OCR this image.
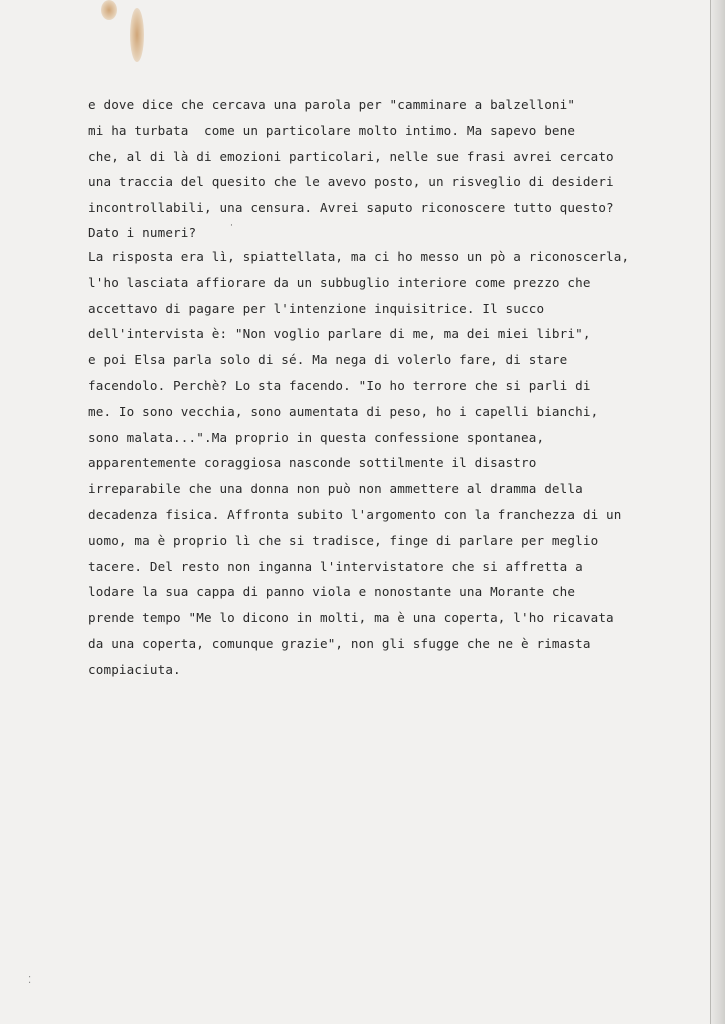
e dove dice che cercava una parola per "camminare a balzelloni"
mi ha turbata  come un particolare molto intimo. Ma sapevo bene
che, al di là di emozioni particolari, nelle sue frasi avrei cercato
una traccia del quesito che le avevo posto, un risveglio di desideri
incontrollabili, una censura. Avrei saputo riconoscere tutto questo?
Dato i numeri?
La risposta era lì, spiattellata, ma ci ho messo un pò a riconoscerla,
l'ho lasciata affiorare da un subbuglio interiore come prezzo che
accettavo di pagare per l'intenzione inquisitrice. Il succo
dell'intervista è: "Non voglio parlare di me, ma dei miei libri",
e poi Elsa parla solo di sé. Ma nega di volerlo fare, di stare
facendolo. Perchè? Lo sta facendo. "Io ho terrore che si parli di
me. Io sono vecchia, sono aumentata di peso, ho i capelli bianchi,
sono malata...".Ma proprio in questa confessione spontanea,
apparentemente coraggiosa nasconde sottilmente il disastro
irreparabile che una donna non può non ammettere al dramma della
decadenza fisica. Affronta subito l'argomento con la franchezza di un
uomo, ma è proprio lì che si tradisce, finge di parlare per meglio
tacere. Del resto non inganna l'intervistatore che si affretta a
lodare la sua cappa di panno viola e nonostante una Morante che
prende tempo "Me lo dicono in molti, ma è una coperta, l'ho ricavata
da una coperta, comunque grazie", non gli sfugge che ne è rimasta
compiaciuta.
·
⁚
